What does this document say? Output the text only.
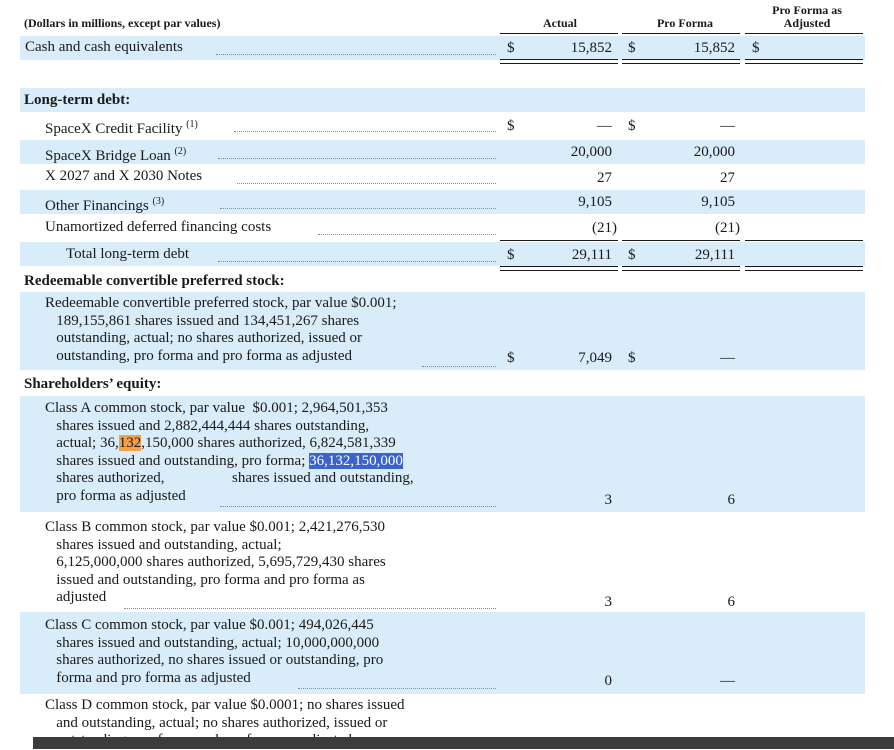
(Dollars in millions, except par values)	Actual	Pro Forma
Pro Forma as
Adjusted
Cash and cash equivalents	$	15,852 $	15,852 $
Long-term debt:
SpaceX Credit Facility $^{(1)}$	$	— $	—
SpaceX Bridge Loan $^{(2)}$	20,000	20,000
X 2027 and X 2030 Notes	27	27
Other Financings $^{(3)}$	9,105	9,105
Unamortized deferred financing costs	(21)	(21)
Total long-term debt	$	29,111 $	29,111
Redeemable convertible preferred stock:
Redeemable convertible preferred stock, par value $0.001;
189,155,861 shares issued and 134,451,267 shares
outstanding, actual; no shares authorized, issued or
outstanding, pro forma and pro forma as adjusted	$	7,049 $	—
Shareholders’ equity:
Class A common stock, par value  $0.001; 2,964,501,353
shares issued and 2,882,444,444 shares outstanding,
actual; 36,132,150,000 shares authorized, 6,824,581,339
shares issued and outstanding, pro forma; 36,132,150,000
shares authorized,                  shares issued and outstanding,
pro forma as adjusted	3	6
Class B common stock, par value $0.001; 2,421,276,530
shares issued and outstanding, actual;
6,125,000,000 shares authorized, 5,695,729,430 shares
issued and outstanding, pro forma and pro forma as
adjusted	3	6
Class C common stock, par value $0.001; 494,026,445
shares issued and outstanding, actual; 10,000,000,000
shares authorized, no shares issued or outstanding, pro
forma and pro forma as adjusted	0	—
Class D common stock, par value $0.0001; no shares issued
and outstanding, actual; no shares authorized, issued or
